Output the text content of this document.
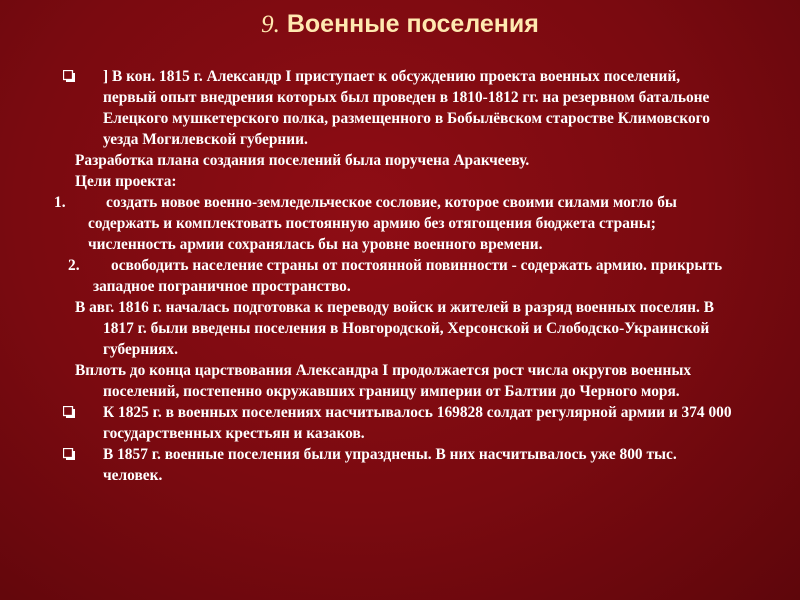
9. Военные поселения
] В кон. 1815 г. Александр I приступает к обсуждению проекта военных поселений, первый опыт внедрения которых был проведен в 1810-1812 гг. на резервном батальоне Елецкого мушкетерского полка, размещенного в Бобылёвском старостве Климовского уезда Могилевской губернии.
Разработка плана создания поселений была поручена Аракчееву.
Цели проекта:
1.	создать новое военно-земледельческое сословие, которое своими силами могло бы содержать и комплектовать постоянную армию без отягощения бюджета страны; численность армии сохранялась бы на уровне военного времени.
2.	освободить население страны от постоянной повинности - содержать армию. прикрыть западное пограничное пространство.
В авг. 1816 г. началась подготовка к переводу войск и жителей в разряд военных поселян. В 1817 г. были введены поселения в Новгородской, Херсонской и Слободско-Украинской губерниях.
Вплоть до конца царствования Александра I продолжается рост числа округов военных поселений, постепенно окружавших границу империи от Балтии до Черного моря.
К 1825 г. в военных поселениях насчитывалось 169828 солдат регулярной армии и 374 000 государственных крестьян и казаков.
В 1857 г. военные поселения были упразднены. В них насчитывалось уже 800 тыс. человек.
